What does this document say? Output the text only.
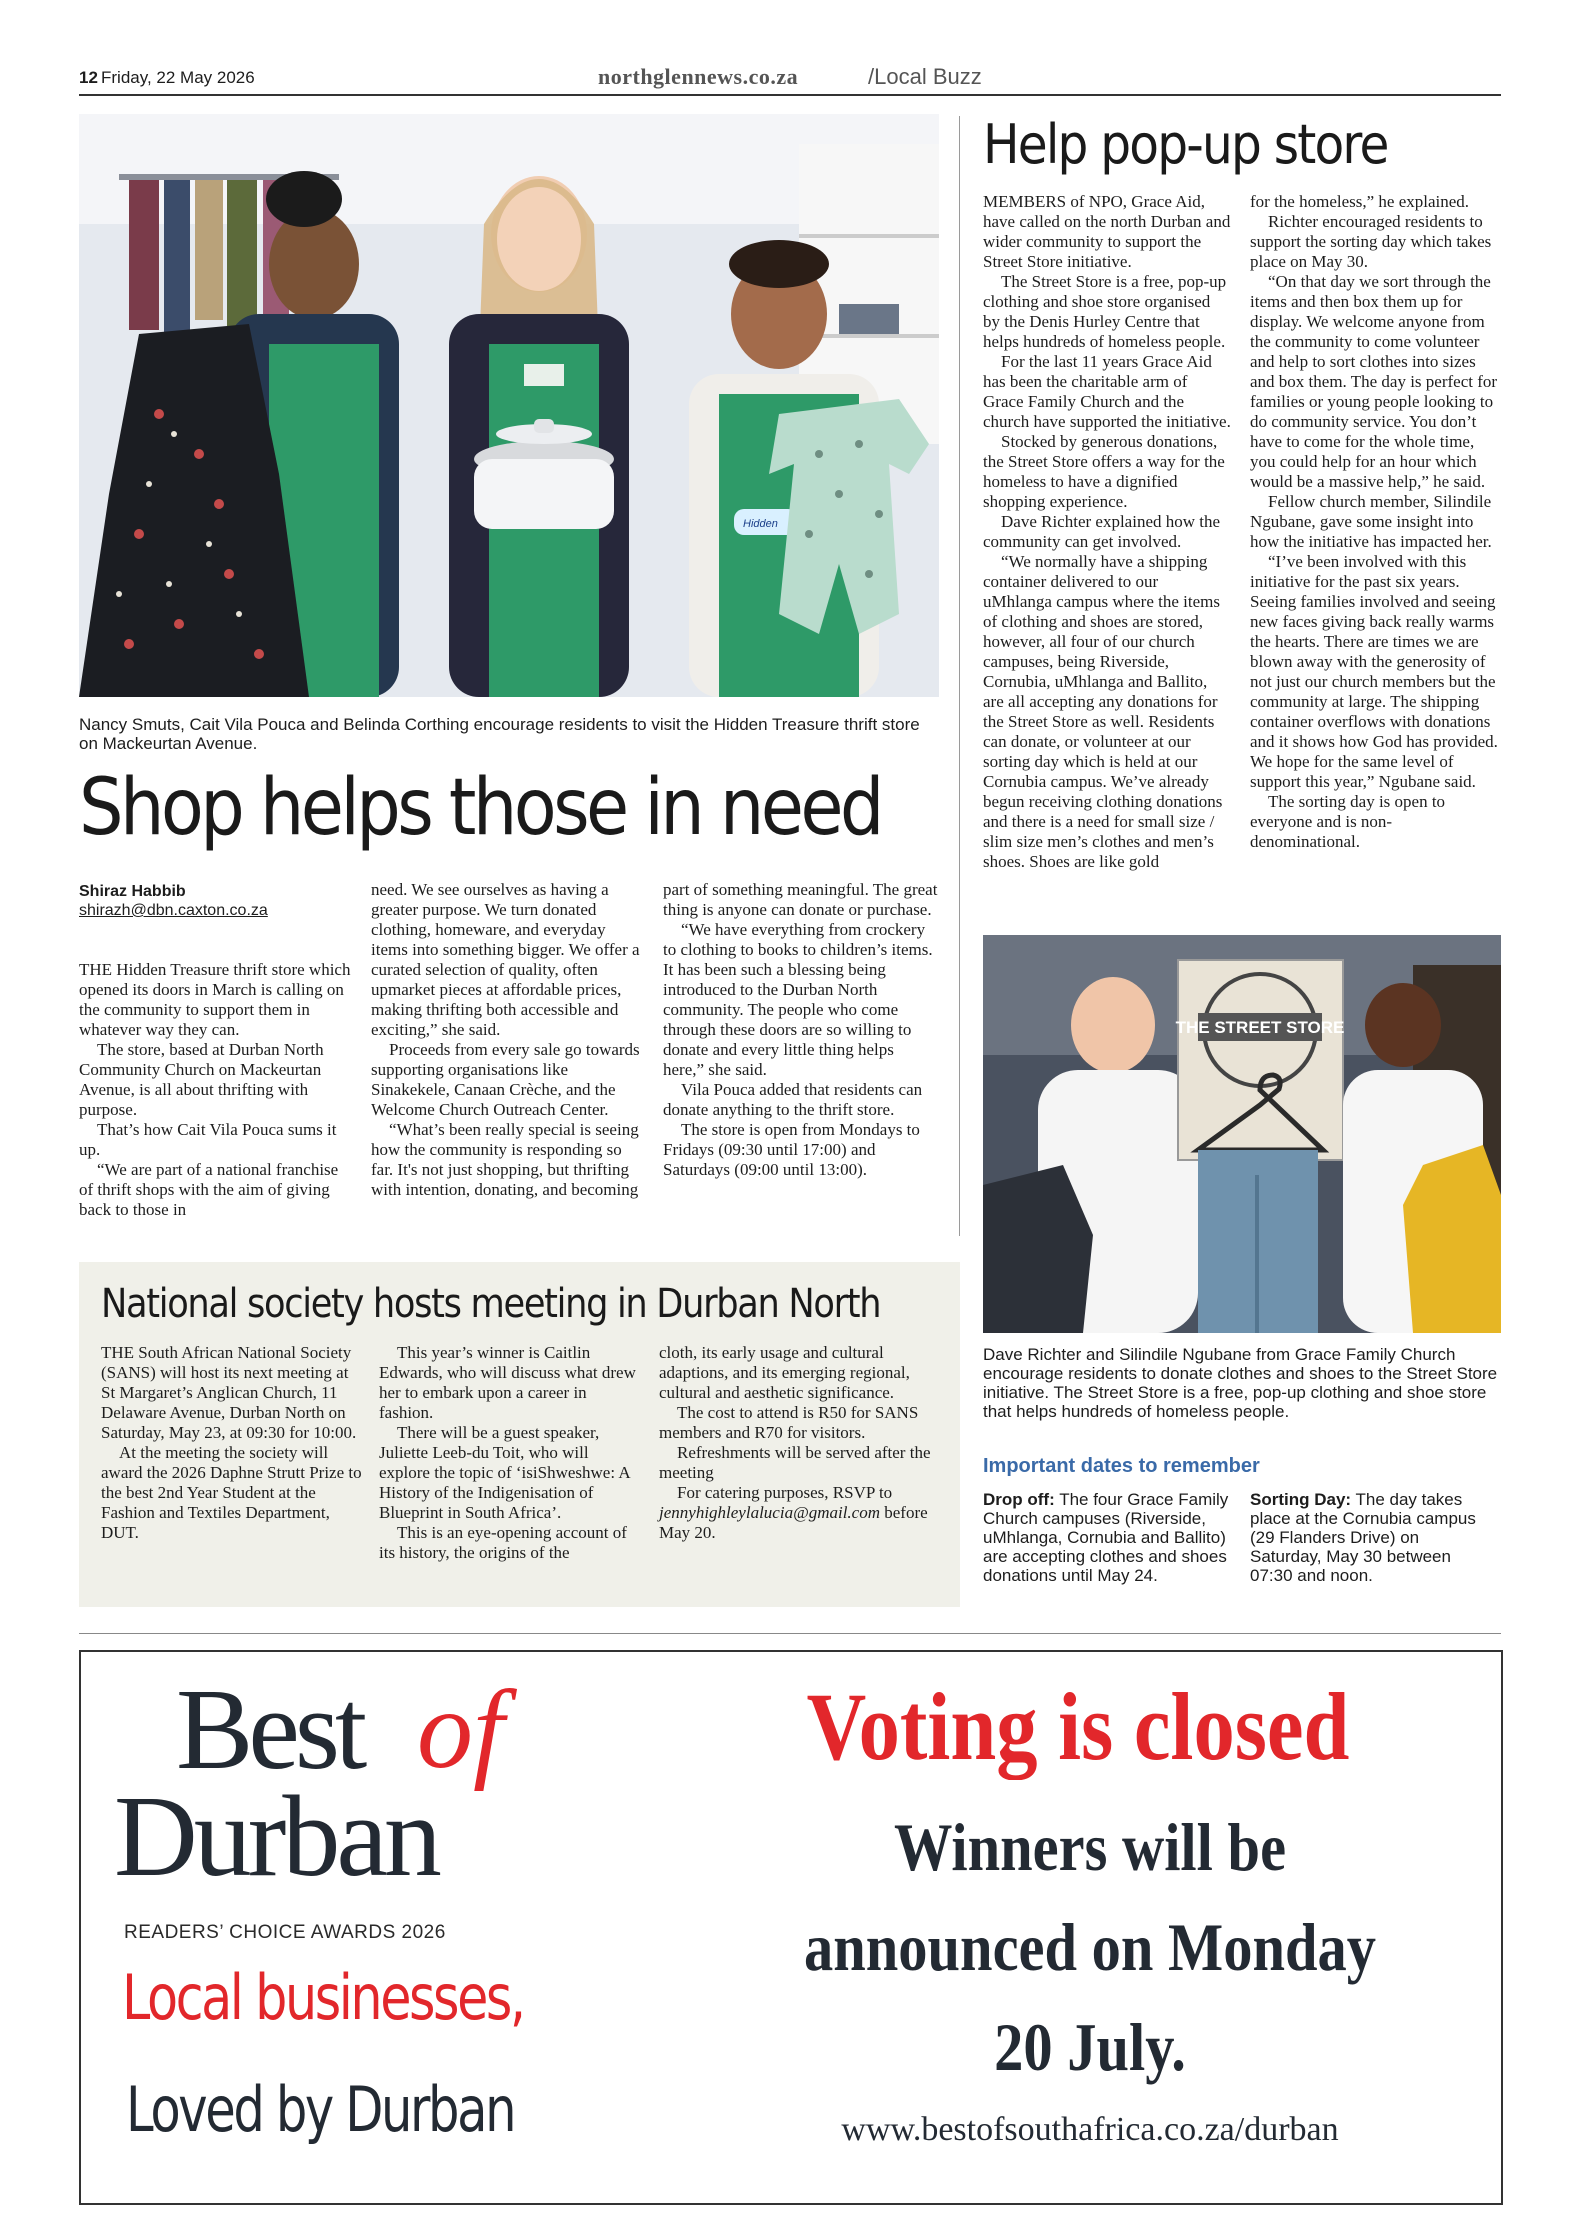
12 Friday, 22 May 2026	northglennews.co.za	/Local Buzz
Hidden
Nancy Smuts, Cait Vila Pouca and Belinda Corthing encourage residents to visit the Hidden Treasure thrift store on Mackeurtan Avenue.
Shop helps those in need
Shiraz Habbib
shirazh@dbn.caxton.co.za

THE Hidden Treasure thrift store which opened its doors in March is calling on the community to support them in whatever way they can.

The store, based at Durban North Community Church on Mackeurtan Avenue, is all about thrifting with purpose.

That’s how Cait Vila Pouca sums it up.

“We are part of a national franchise of thrift shops with the aim of giving back to those in

need. We see ourselves as having a greater purpose. We turn donated clothing, homeware, and everyday items into something bigger. We offer a curated selection of quality, often upmarket pieces at affordable prices, making thrifting both accessible and exciting,” she said.

Proceeds from every sale go towards supporting organisations like Sinakekele, Canaan Crèche, and the Welcome Church Outreach Center.

“What’s been really special is seeing how the community is responding so far. It's not just shopping, but thrifting with intention, donating, and becoming

part of something meaningful. The great thing is anyone can donate or purchase.

“We have everything from crockery to clothing to books to children’s items. It has been such a blessing being introduced to the Durban North community. The people who come through these doors are so willing to donate and every little thing helps here,” she said.

Vila Pouca added that residents can donate anything to the thrift store.

The store is open from Mondays to Fridays (09:30 until 17:00) and Saturdays (09:00 until 13:00).

Help pop-up store

MEMBERS of NPO, Grace Aid, have called on the north Durban and wider community to support the Street Store initiative.

The Street Store is a free, pop-up clothing and shoe store organised by the Denis Hurley Centre that helps hundreds of homeless people.

For the last 11 years Grace Aid has been the charitable arm of Grace Family Church and the church have supported the initiative.

Stocked by generous donations, the Street Store offers a way for the homeless to have a dignified shopping experience.

Dave Richter explained how the community can get involved.

“We normally have a shipping container delivered to our uMhlanga campus where the items of clothing and shoes are stored, however, all four of our church campuses, being Riverside, Cornubia, uMhlanga and Ballito, are all accepting any donations for the Street Store as well. Residents can donate, or volunteer at our sorting day which is held at our Cornubia campus. We’ve already begun receiving clothing donations and there is a need for small size / slim size men’s clothes and men’s shoes. Shoes are like gold

for the homeless,” he explained.

Richter encouraged residents to support the sorting day which takes place on May 30.

“On that day we sort through the items and then box them up for display. We welcome anyone from the community to come volunteer and help to sort clothes into sizes and box them. The day is perfect for families or young people looking to do community service. You don’t have to come for the whole time, you could help for an hour which would be a massive help,” he said.

Fellow church member, Silindile Ngubane, gave some insight into how the initiative has impacted her.

“I’ve been involved with this initiative for the past six years. Seeing families involved and seeing new faces giving back really warms the hearts. There are times we are blown away with the generosity of not just our church members but the community at large. The shipping container overflows with donations and it shows how God has provided. We hope for the same level of support this year,” Ngubane said.

The sorting day is open to everyone and is non-denominational.

THE STREET STORE
Dave Richter and Silindile Ngubane from Grace Family Church encourage residents to donate clothes and shoes to the Street Store initiative. The Street Store is a free, pop-up clothing and shoe store that helps hundreds of homeless people.
Important dates to remember
Drop off: The four Grace Family Church campuses (Riverside, uMhlanga, Cornubia and Ballito) are accepting clothes and shoes donations until May 24.
Sorting Day: The day takes place at the Cornubia campus (29 Flanders Drive) on Saturday, May 30 between 07:30 and noon.
National society hosts meeting in Durban North

THE South African National Society (SANS) will host its next meeting at St Margaret’s Anglican Church, 11 Delaware Avenue, Durban North on Saturday, May 23, at 09:30 for 10:00.

At the meeting the society will award the 2026 Daphne Strutt Prize to the best 2nd Year Student at the Fashion and Textiles Department, DUT.

This year’s winner is Caitlin Edwards, who will discuss what drew her to embark upon a career in fashion.

There will be a guest speaker, Juliette Leeb-du Toit, who will explore the topic of ‘isiShweshwe: A History of the Indigenisation of Blueprint in South Africa’.

This is an eye-opening account of its history, the origins of the

cloth, its early usage and cultural adaptions, and its emerging regional, cultural and aesthetic significance.

The cost to attend is R50 for SANS members and R70 for visitors.

Refreshments will be served after the meeting

For catering purposes, RSVP to jennyhighleylalucia@gmail.com before May 20.

Best of
Durban
READERS’ CHOICE AWARDS 2026
Local businesses,
Loved by Durban
Voting is closed
Winners will be
announced on Monday
20 July.
www.bestofsouthafrica.co.za/durban
